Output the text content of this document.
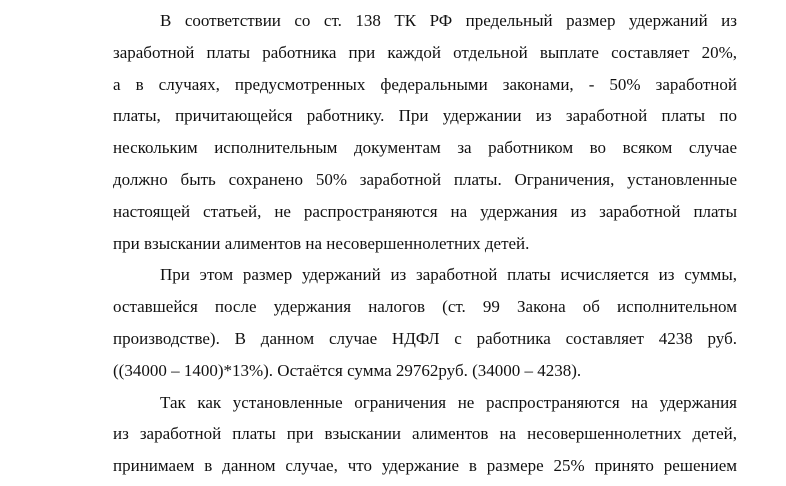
В соответствии со ст. 138 ТК РФ предельный размер удержаний из
заработной платы работника при каждой отдельной выплате составляет 20%,
а в случаях, предусмотренных федеральными законами, - 50% заработной
платы, причитающейся работнику. При удержании из заработной платы по
нескольким исполнительным документам за работником во всяком случае
должно быть сохранено 50% заработной платы. Ограничения, установленные
настоящей статьей, не распространяются на удержания из заработной платы
при взыскании алиментов на несовершеннолетних детей.
При этом размер удержаний из заработной платы исчисляется из суммы,
оставшейся после удержания налогов (ст. 99 Закона об исполнительном
производстве). В данном случае НДФЛ с работника составляет 4238 руб.
((34000 – 1400)*13%). Остаётся сумма 29762руб. (34000 – 4238).
Так как установленные ограничения не распространяются на удержания
из заработной платы при взыскании алиментов на несовершеннолетних детей,
принимаем в данном случае, что удержание в размере 25% принято решением
